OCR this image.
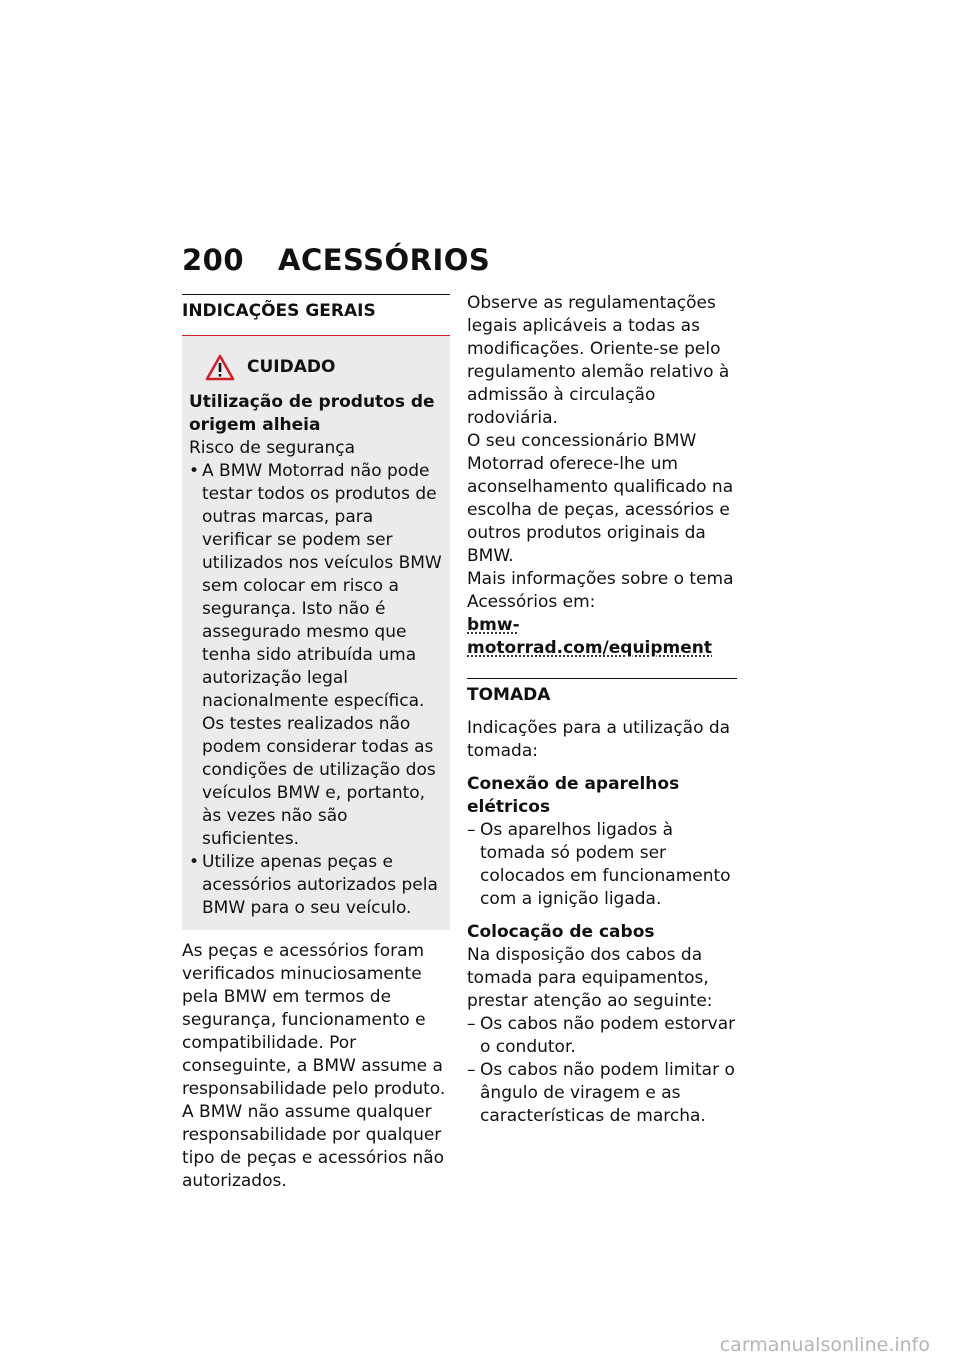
200 ACESSÓRIOS
INDICAÇÕES GERAIS
CUIDADO

Utilização de produtos de origem alheia

Risco de segurança

• A BMW Motorrad não pode testar todos os produtos de outras marcas, para verificar se podem ser utilizados nos veículos BMW sem colocar em risco a segurança. Isto não é assegurado mesmo que tenha sido atribuída uma autorização legal nacionalmente específica. Os testes realizados não podem considerar todas as condições de utilização dos veículos BMW e, portanto, às vezes não são suficientes.
• Utilize apenas peças e acessórios autorizados pela BMW para o seu veículo.

As peças e acessórios foram verificados minuciosamente pela BMW em termos de segurança, funcionamento e compatibilidade. Por conseguinte, a BMW assume a responsabilidade pelo produto. A BMW não assume qualquer responsabilidade por qualquer tipo de peças e acessórios não autorizados.

Observe as regulamentações legais aplicáveis a todas as modificações. Oriente-se pelo regulamento alemão relativo à admissão à circulação rodoviária.

O seu concessionário BMW Motorrad oferece-lhe um aconselhamento qualificado na escolha de peças, acessórios e outros produtos originais da BMW.

Mais informações sobre o tema Acessórios em:

bmw-motorrad.com/equipment

TOMADA

Indicações para a utilização da tomada:

Conexão de aparelhos elétricos

– Os aparelhos ligados à tomada só podem ser colocados em funcionamento com a ignição ligada.

Colocação de cabos

Na disposição dos cabos da tomada para equipamentos, prestar atenção ao seguinte:

– Os cabos não podem estorvar o condutor.
– Os cabos não podem limitar o ângulo de viragem e as características de marcha.
carmanualsonline.info
